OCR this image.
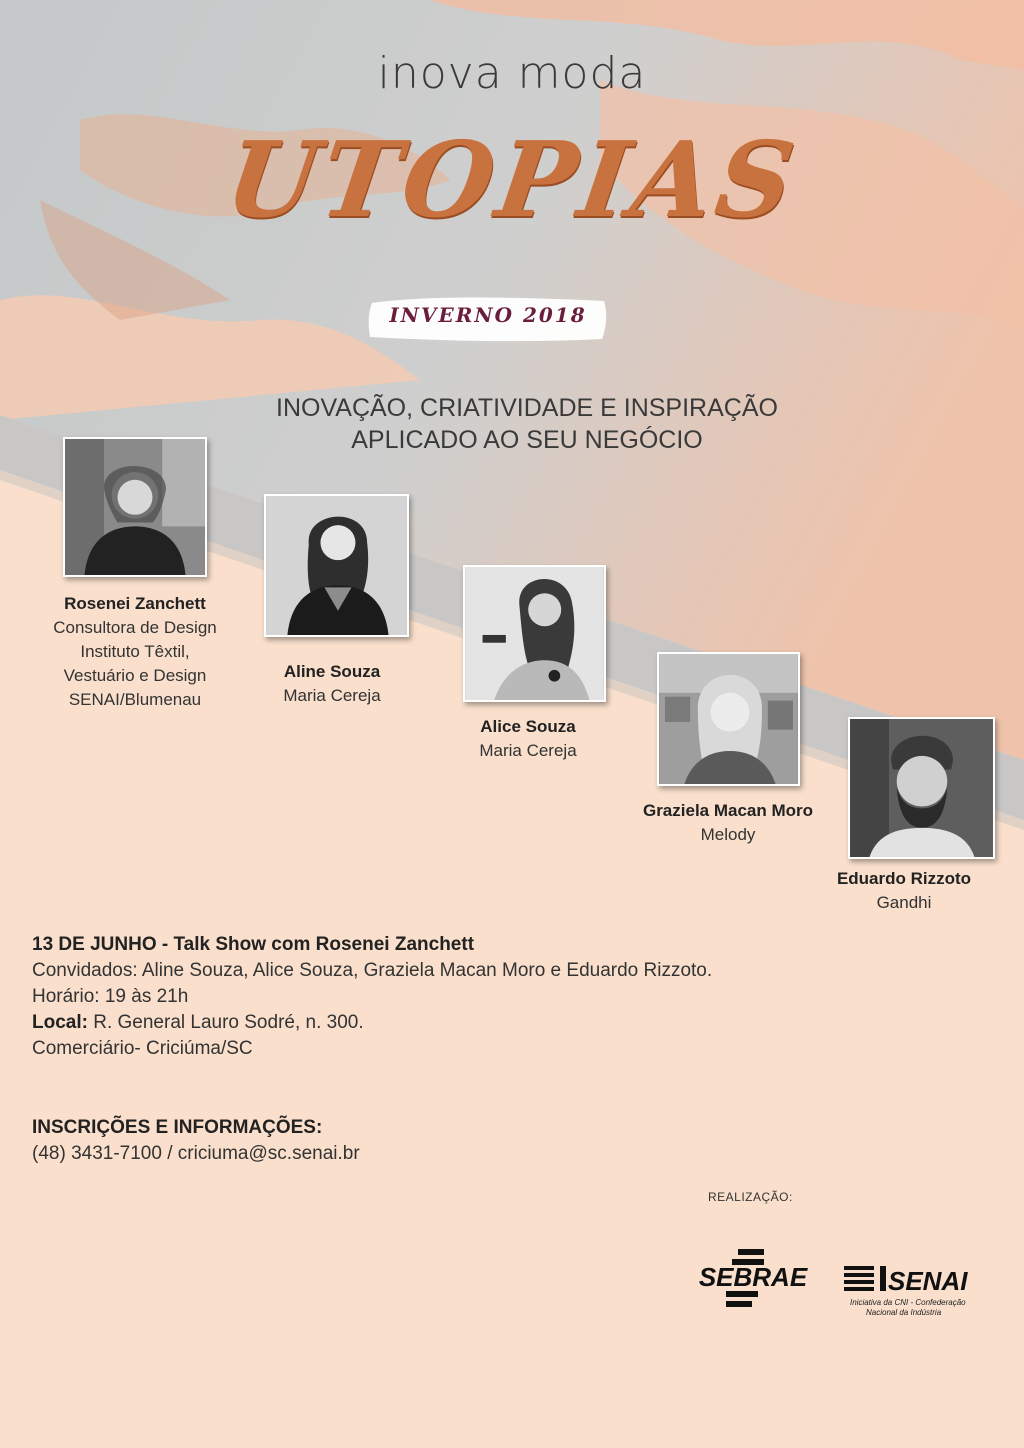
inova moda
UTOPIAS
INVERNO 2018
INOVAÇÃO, CRIATIVIDADE E INSPIRAÇÃO
APLICADO AO SEU NEGÓCIO
Rosenei Zanchett
Consultora de Design
Instituto Têxtil,
Vestuário e Design
SENAI/Blumenau
Aline Souza
Maria Cereja
Alice Souza
Maria Cereja
Graziela Macan Moro
Melody
Eduardo Rizzoto
Gandhi
13 DE JUNHO - Talk Show com Rosenei Zanchett
Convidados: Aline Souza, Alice Souza, Graziela Macan Moro e Eduardo Rizzoto.
Horário: 19 às 21h
Local: R. General Lauro Sodré, n. 300.
Comerciário- Criciúma/SC
INSCRIÇÕES E INFORMAÇÕES:
(48) 3431-7100 / criciuma@sc.senai.br
REALIZAÇÃO:
SEBRAE	SENAI
Iniciativa da CNI - Confederação
Nacional da Indústria
